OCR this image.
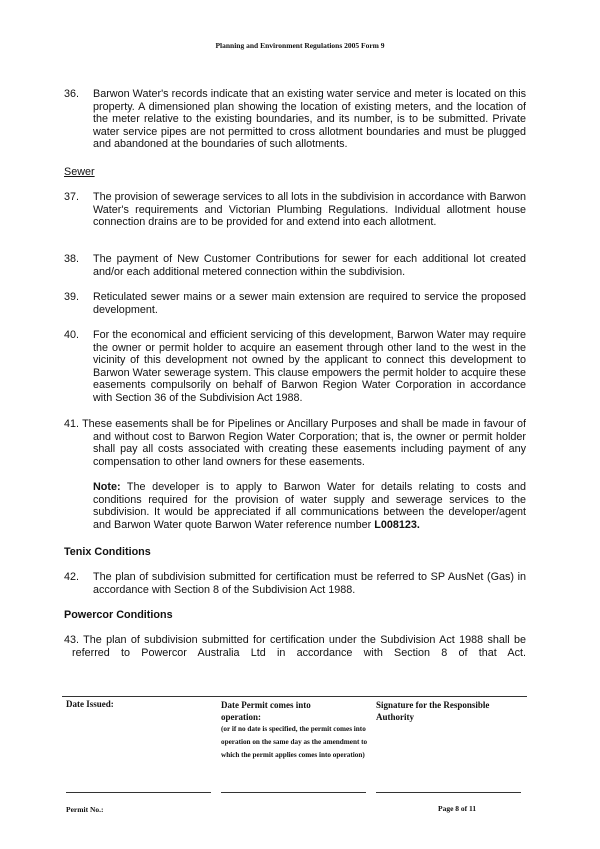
Planning and Environment Regulations 2005 Form 9
36. Barwon Water's records indicate that an existing water service and meter is located on this property. A dimensioned plan showing the location of existing meters, and the location of the meter relative to the existing boundaries, and its number, is to be submitted. Private water service pipes are not permitted to cross allotment boundaries and must be plugged and abandoned at the boundaries of such allotments.
Sewer
37. The provision of sewerage services to all lots in the subdivision in accordance with Barwon Water's requirements and Victorian Plumbing Regulations. Individual allotment house connection drains are to be provided for and extend into each allotment.
38. The payment of New Customer Contributions for sewer for each additional lot created and/or each additional metered connection within the subdivision.
39. Reticulated sewer mains or a sewer main extension are required to service the proposed development.
40. For the economical and efficient servicing of this development, Barwon Water may require the owner or permit holder to acquire an easement through other land to the west in the vicinity of this development not owned by the applicant to connect this development to Barwon Water sewerage system. This clause empowers the permit holder to acquire these easements compulsorily on behalf of Barwon Region Water Corporation in accordance with Section 36 of the Subdivision Act 1988.
41. These easements shall be for Pipelines or Ancillary Purposes and shall be made in favour of and without cost to Barwon Region Water Corporation; that is, the owner or permit holder shall pay all costs associated with creating these easements including payment of any compensation to other land owners for these easements.
Note: The developer is to apply to Barwon Water for details relating to costs and conditions required for the provision of water supply and sewerage services to the subdivision. It would be appreciated if all communications between the developer/agent and Barwon Water quote Barwon Water reference number L008123.
Tenix Conditions
42. The plan of subdivision submitted for certification must be referred to SP AusNet (Gas) in accordance with Section 8 of the Subdivision Act 1988.
Powercor Conditions
43. The plan of subdivision submitted for certification under the Subdivision Act 1988 shall be referred to Powercor Australia Ltd in accordance with Section 8 of that Act.
Date Issued:	Date Permit comes into
operation:
(or if no date is specified, the permit comes into operation on the same day as the amendment to which the permit applies comes into operation)
Signature for the Responsible
Authority
Permit No.:	Page 8 of 11
